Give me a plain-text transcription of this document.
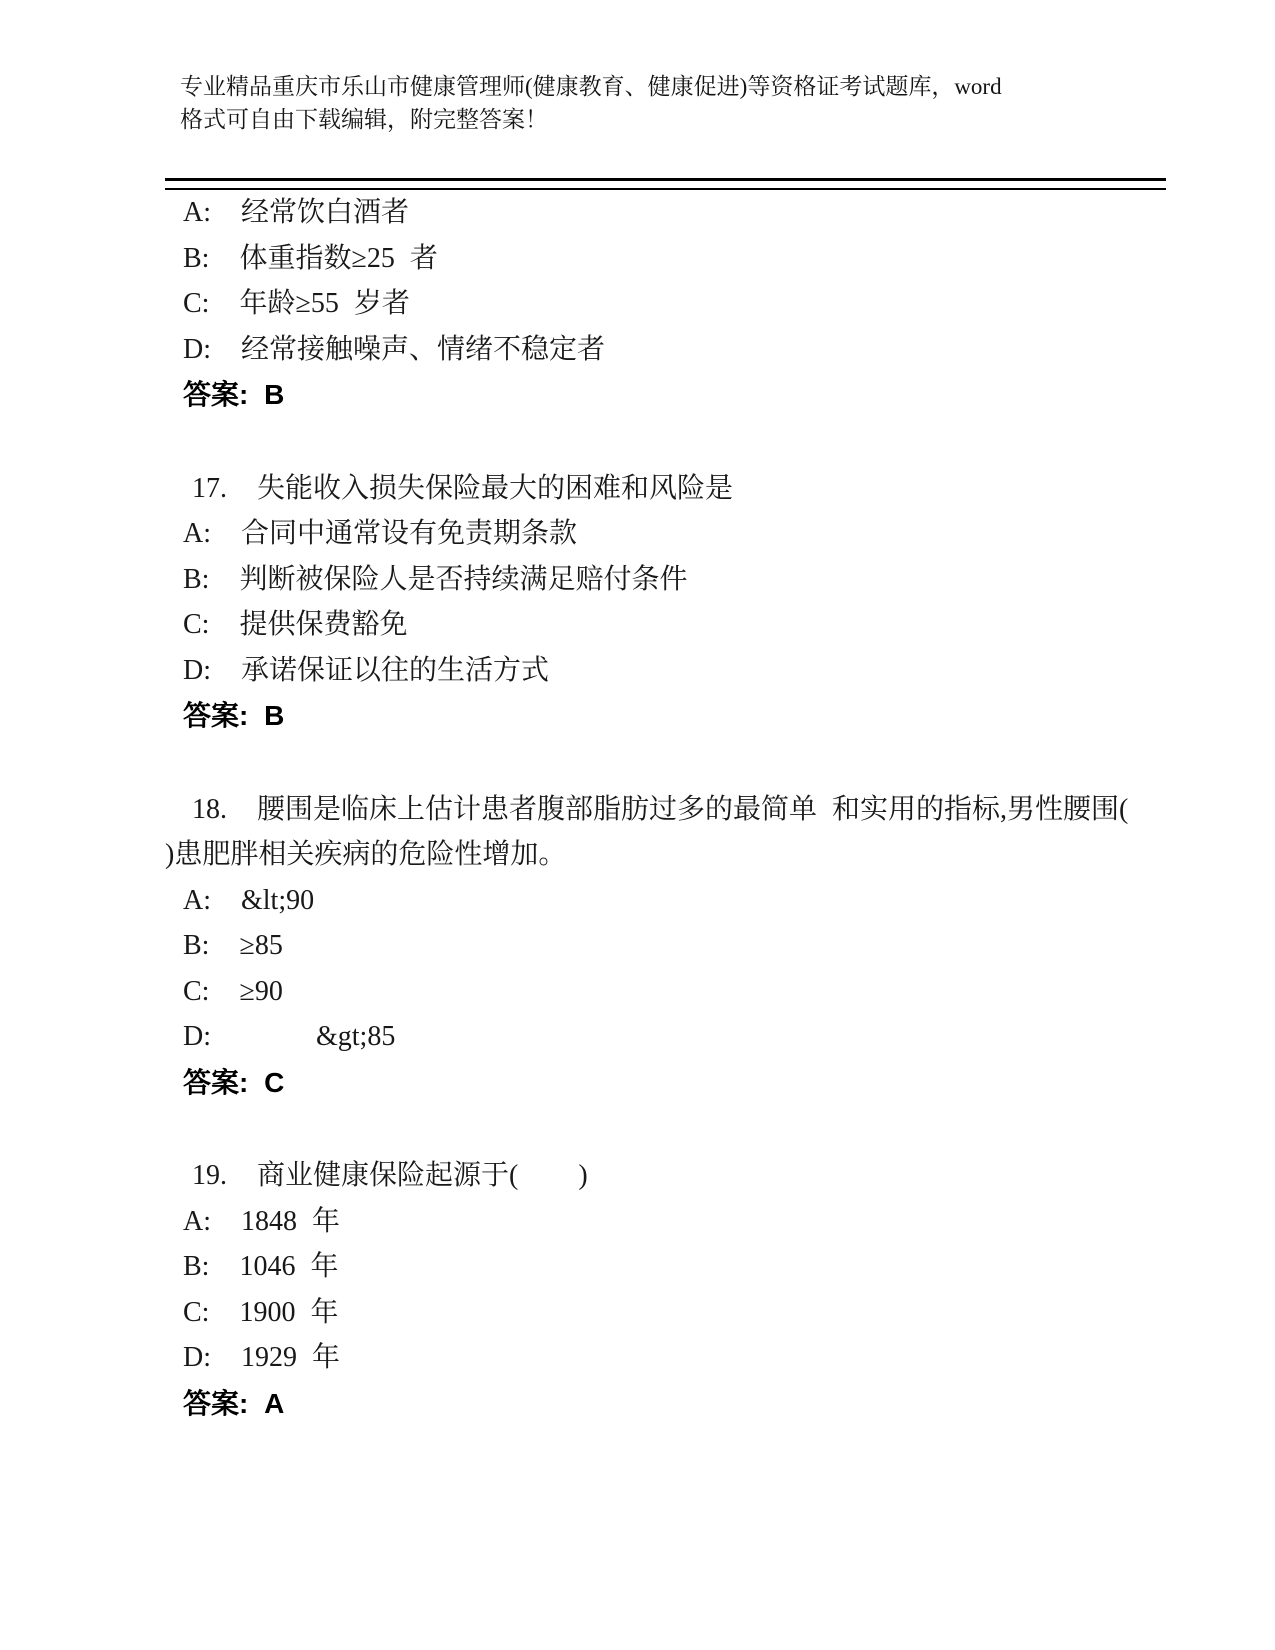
专业精品重庆市乐山市健康管理师(健康教育、健康促进)等资格证考试题库，word
格式可自由下载编辑，附完整答案！

A:  经常饮白酒者

B:  体重指数≥25 者

C:  年龄≥55 岁者

D:  经常接触噪声、情绪不稳定者

答案: B

17.  失能收入损失保险最大的困难和风险是

A:  合同中通常设有免责期条款

B:  判断被保险人是否持续满足赔付条件

C:  提供保费豁免

D:  承诺保证以往的生活方式

答案: B

18.  腰围是临床上估计患者腹部脂肪过多的最简单 和实用的指标,男性腰围(  )患肥胖相关疾病的危险性增加。

A:  &lt;90

B:  ≥85

C:  ≥90

D:       &gt;85

答案: C

19.  商业健康保险起源于(    )

A:  1848 年

B:  1046 年

C:  1900 年

D:  1929 年

答案: A
